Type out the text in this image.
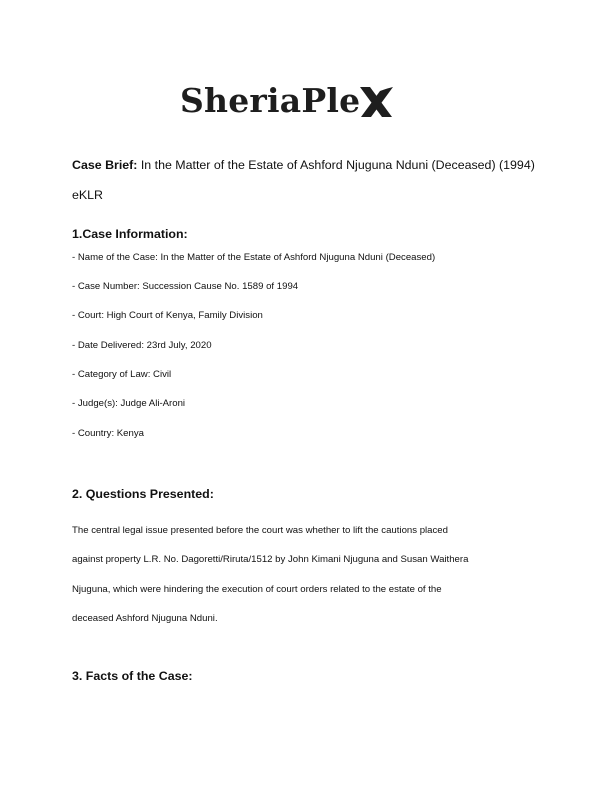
SheriaPle
Case Brief: In the Matter of the Estate of Ashford Njuguna Nduni (Deceased) (1994) eKLR
1.Case Information:
- Name of the Case: In the Matter of the Estate of Ashford Njuguna Nduni (Deceased)
- Case Number: Succession Cause No. 1589 of 1994
- Court: High Court of Kenya, Family Division
- Date Delivered: 23rd July, 2020
- Category of Law: Civil
- Judge(s): Judge Ali-Aroni
- Country: Kenya
2. Questions Presented:
The central legal issue presented before the court was whether to lift the cautions placed
against property L.R. No. Dagoretti/Riruta/1512 by John Kimani Njuguna and Susan Waithera
Njuguna, which were hindering the execution of court orders related to the estate of the
deceased Ashford Njuguna Nduni.
3. Facts of the Case:
